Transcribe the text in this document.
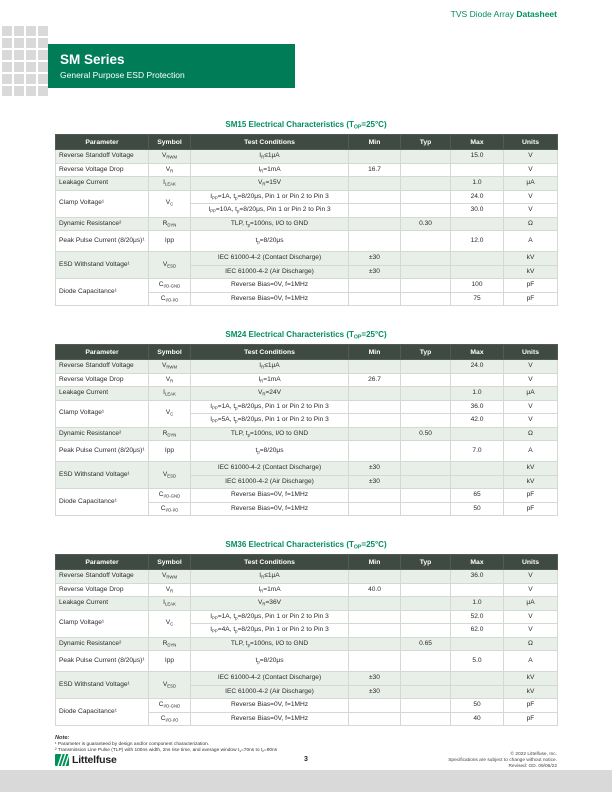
TVS Diode Array Datasheet
SM Series

General Purpose ESD Protection

SM15 Electrical Characteristics $(T_{OP}=25^\circ C)$
Parameter	Symbol	Test Conditions	Min	Typ	Max	Units
Reverse Standoff Voltage	$V_{RWM}$	$I_R\le 1\mu A$			15.0	V
Reverse Voltage Drop	$V_R$	$I_R=1mA$	16.7			V
Leakage Current	$I_{LEAK}$	$V_R=15V$			1.0	μA
Clamp Voltage¹	$V_C$	$I_{PP}=1A$, $t_p=8/20\mu s$, Pin 1 or Pin 2 to Pin 3			24.0	V
		$I_{PP}=10A$, $t_p=8/20\mu s$, Pin 1 or Pin 2 to Pin 3			30.0	V
Dynamic Resistance²	$R_{DYN}$	TLP, $t_p=100ns$, I/O to GND		0.30		Ω
Peak Pulse Current (8/20μs)¹	Ipp	$t_p=8/20\mu s$			12.0	A
ESD Withstand Voltage¹	$V_{ESD}$	IEC 61000-4-2 (Contact Discharge)	±30			kV
		IEC 61000-4-2 (Air Discharge)	±30			kV
Diode Capacitance¹	$C_{I/O-GND}$	Reverse Bias=0V, f=1MHz			100	pF
	$C_{I/O-I/O}$	Reverse Bias=0V, f=1MHz			75	pF
SM24 Electrical Characteristics $(T_{OP}=25^\circ C)$
Parameter	Symbol	Test Conditions	Min	Typ	Max	Units
Reverse Standoff Voltage	$V_{RWM}$	$I_R\le 1\mu A$			24.0	V
Reverse Voltage Drop	$V_R$	$I_R=1mA$	26.7			V
Leakage Current	$I_{LEAK}$	$V_R=24V$			1.0	μA
Clamp Voltage¹	$V_C$	$I_{PP}=1A$, $t_p=8/20\mu s$, Pin 1 or Pin 2 to Pin 3			36.0	V
		$I_{PP}=5A$, $t_p=8/20\mu s$, Pin 1 or Pin 2 to Pin 3			42.0	V
Dynamic Resistance²	$R_{DYN}$	TLP, $t_p=100ns$, I/O to GND		0.50		Ω
Peak Pulse Current (8/20μs)¹	Ipp	$t_p=8/20\mu s$			7.0	A
ESD Withstand Voltage¹	$V_{ESD}$	IEC 61000-4-2 (Contact Discharge)	±30			kV
		IEC 61000-4-2 (Air Discharge)	±30			kV
Diode Capacitance¹	$C_{I/O-GND}$	Reverse Bias=0V, f=1MHz			65	pF
	$C_{I/O-I/O}$	Reverse Bias=0V, f=1MHz			50	pF
SM36 Electrical Characteristics $(T_{OP}=25^\circ C)$
Parameter	Symbol	Test Conditions	Min	Typ	Max	Units
Reverse Standoff Voltage	$V_{RWM}$	$I_R\le 1\mu A$			36.0	V
Reverse Voltage Drop	$V_R$	$I_R=1mA$	40.0			V
Leakage Current	$I_{LEAK}$	$V_R=36V$			1.0	μA
Clamp Voltage¹	$V_C$	$I_{PP}=1A$, $t_p=8/20\mu s$, Pin 1 or Pin 2 to Pin 3			52.0	V
		$I_{PP}=4A$, $t_p=8/20\mu s$, Pin 1 or Pin 2 to Pin 3			62.0	V
Dynamic Resistance²	$R_{DYN}$	TLP, $t_p=100ns$, I/O to GND		0.65		Ω
Peak Pulse Current (8/20μs)¹	Ipp	$t_p=8/20\mu s$			5.0	A
ESD Withstand Voltage¹	$V_{ESD}$	IEC 61000-4-2 (Contact Discharge)	±30			kV
		IEC 61000-4-2 (Air Discharge)	±30			kV
Diode Capacitance¹	$C_{I/O-GND}$	Reverse Bias=0V, f=1MHz			50	pF
	$C_{I/O-I/O}$	Reverse Bias=0V, f=1MHz			40	pF
Note:
¹ Parameter is guaranteed by design and/or component characterization.
² Transmission Line Pulse (TLP) with 100ns width, 2ns rise time, and average window $t_1=70ns$ to $t_2=90ns$
Littelfuse	3
© 2022 Littelfuse, Inc.
Specifications are subject to change without notice.
Revised: GD. 09/06/22
